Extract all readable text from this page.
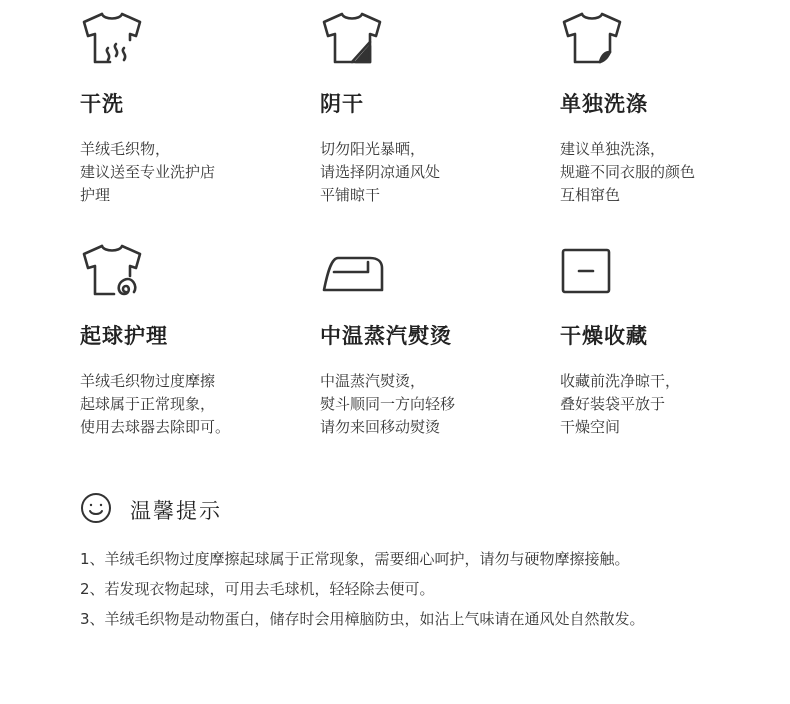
干洗
羊绒毛织物，
建议送至专业洗护店
护理
阴干
切勿阳光暴晒，
请选择阴凉通风处
平铺晾干
单独洗涤
建议单独洗涤，
规避不同衣服的颜色
互相窜色
起球护理
羊绒毛织物过度摩擦
起球属于正常现象，
使用去球器去除即可。
中温蒸汽熨烫
中温蒸汽熨烫，
熨斗顺同一方向轻移
请勿来回移动熨烫
干燥收藏
收藏前洗净晾干，
叠好装袋平放于
干燥空间
温馨提示
1、羊绒毛织物过度摩擦起球属于正常现象，需要细心呵护，请勿与硬物摩擦接触。
2、若发现衣物起球，可用去毛球机，轻轻除去便可。
3、羊绒毛织物是动物蛋白，储存时会用樟脑防虫，如沾上气味请在通风处自然散发。
